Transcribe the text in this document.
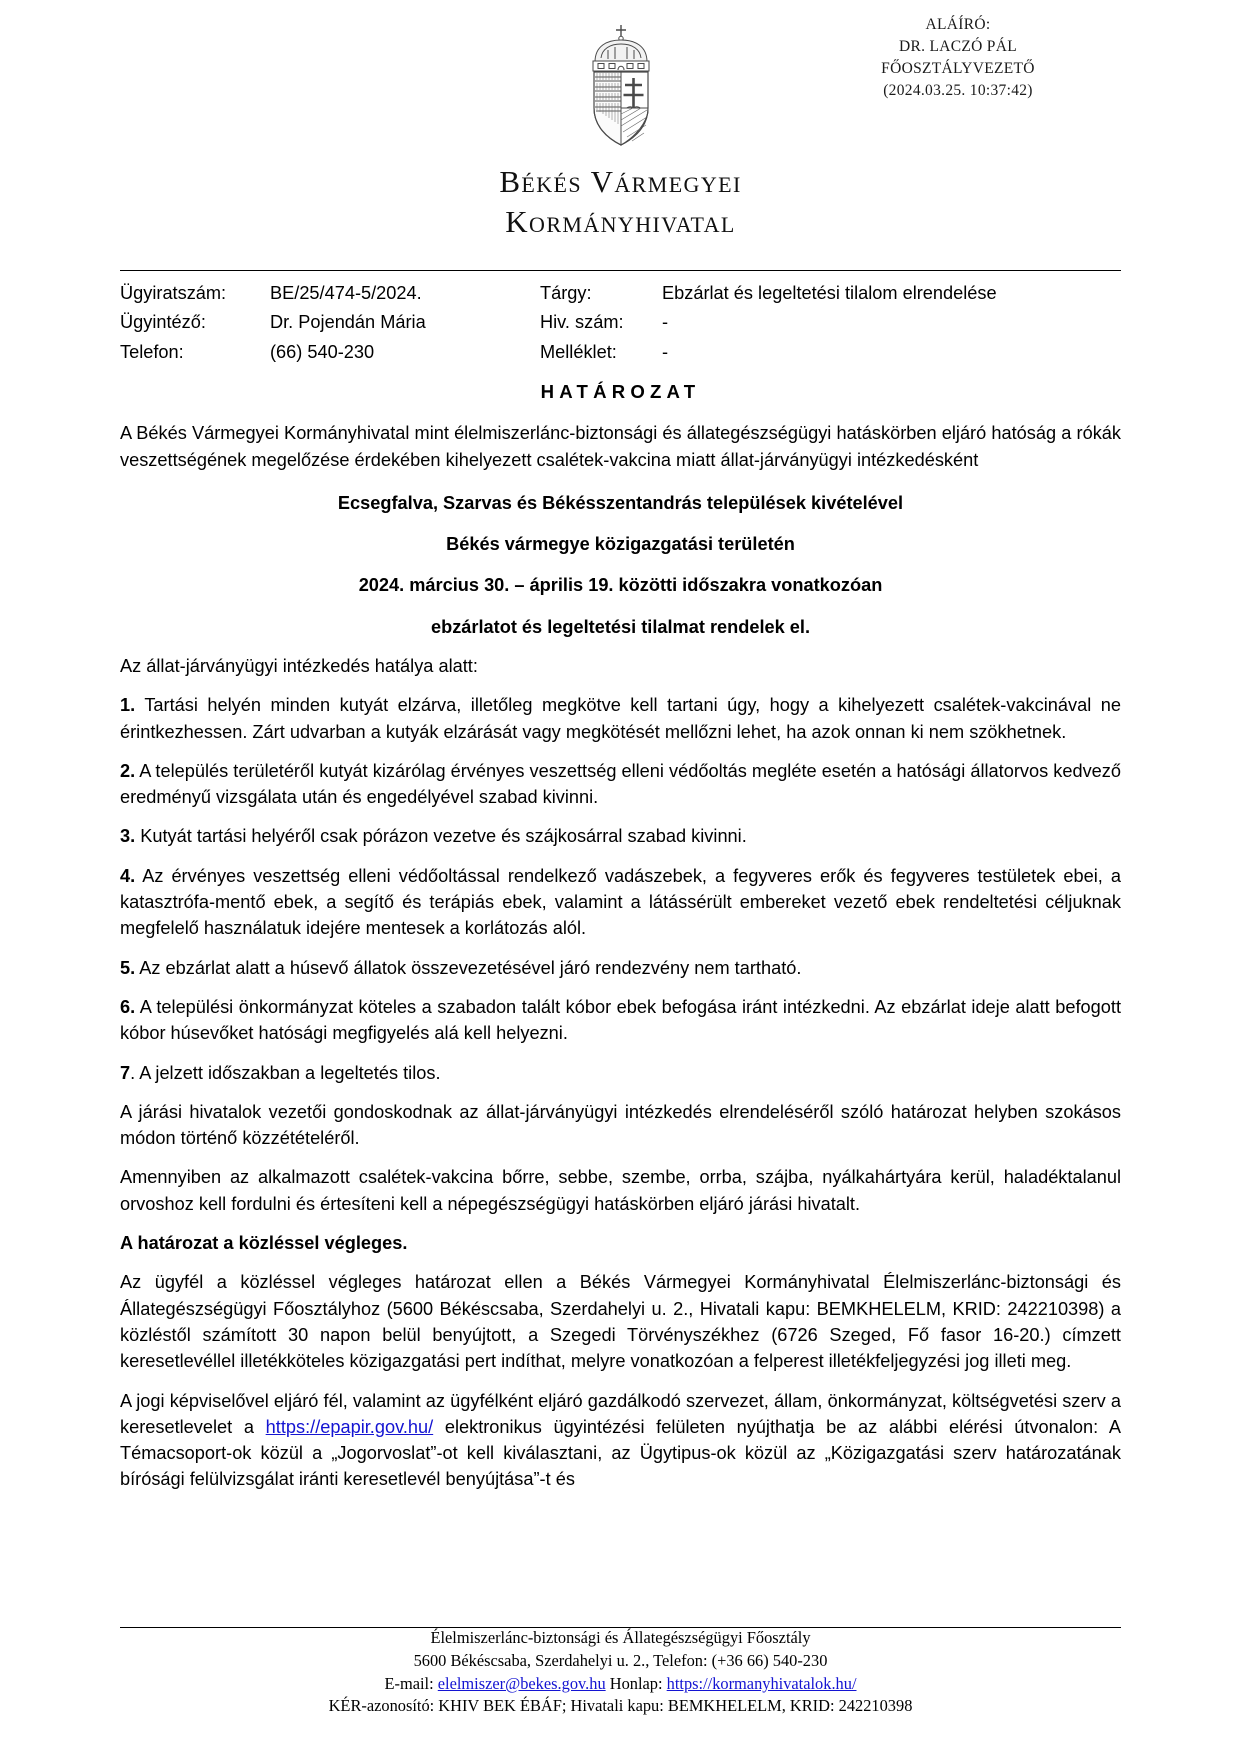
ALÁÍRÓ:
DR. LACZÓ PÁL
FŐOSZTÁLYVEZETŐ
(2024.03.25. 10:37:42)
Békés Vármegyei
Kormányhivatal
Ügyiratszám:	BE/25/474-5/2024.	Tárgy:	Ebzárlat és legeltetési tilalom elrendelése
Ügyintéző:	Dr. Pojendán Mária	Hiv. szám:	-
Telefon:	(66) 540-230	Melléklet:	-
HATÁROZAT

A Békés Vármegyei Kormányhivatal mint élelmiszerlánc-biztonsági és állategészségügyi hatáskörben eljáró hatóság a rókák veszettségének megelőzése érdekében kihelyezett csalétek-vakcina miatt állat-járványügyi intézkedésként

Ecsegfalva, Szarvas és Békésszentandrás települések kivételével
Békés vármegye közigazgatási területén
2024. március 30. – április 19. közötti időszakra vonatkozóan
ebzárlatot és legeltetési tilalmat rendelek el.

Az állat-járványügyi intézkedés hatálya alatt:

1. Tartási helyén minden kutyát elzárva, illetőleg megkötve kell tartani úgy, hogy a kihelyezett csalétek-vakcinával ne érintkezhessen. Zárt udvarban a kutyák elzárását vagy megkötését mellőzni lehet, ha azok onnan ki nem szökhetnek.

2. A település területéről kutyát kizárólag érvényes veszettség elleni védőoltás megléte esetén a hatósági állatorvos kedvező eredményű vizsgálata után és engedélyével szabad kivinni.

3. Kutyát tartási helyéről csak pórázon vezetve és szájkosárral szabad kivinni.

4. Az érvényes veszettség elleni védőoltással rendelkező vadászebek, a fegyveres erők és fegyveres testületek ebei, a katasztrófa-mentő ebek, a segítő és terápiás ebek, valamint a látássérült embereket vezető ebek rendeltetési céljuknak megfelelő használatuk idejére mentesek a korlátozás alól.

5. Az ebzárlat alatt a húsevő állatok összevezetésével járó rendezvény nem tartható.

6. A települési önkormányzat köteles a szabadon talált kóbor ebek befogása iránt intézkedni. Az ebzárlat ideje alatt befogott kóbor húsevőket hatósági megfigyelés alá kell helyezni.

7. A jelzett időszakban a legeltetés tilos.

A járási hivatalok vezetői gondoskodnak az állat-járványügyi intézkedés elrendeléséről szóló határozat helyben szokásos módon történő közzétételéről.

Amennyiben az alkalmazott csalétek-vakcina bőrre, sebbe, szembe, orrba, szájba, nyálkahártyára kerül, haladéktalanul orvoshoz kell fordulni és értesíteni kell a népegészségügyi hatáskörben eljáró járási hivatalt.

A határozat a közléssel végleges.

Az ügyfél a közléssel végleges határozat ellen a Békés Vármegyei Kormányhivatal Élelmiszerlánc-biztonsági és Állategészségügyi Főosztályhoz (5600 Békéscsaba, Szerdahelyi u. 2., Hivatali kapu: BEMKHELELM, KRID: 242210398) a közléstől számított 30 napon belül benyújtott, a Szegedi Törvényszékhez (6726 Szeged, Fő fasor 16-20.) címzett keresetlevéllel illetékköteles közigazgatási pert indíthat, melyre vonatkozóan a felperest illetékfeljegyzési jog illeti meg.

A jogi képviselővel eljáró fél, valamint az ügyfélként eljáró gazdálkodó szervezet, állam, önkormányzat, költségvetési szerv a keresetlevelet a https://epapir.gov.hu/ elektronikus ügyintézési felületen nyújthatja be az alábbi elérési útvonalon: A Témacsoport-ok közül a „Jogorvoslat”-ot kell kiválasztani, az Ügytipus-ok közül az „Közigazgatási szerv határozatának bírósági felülvizsgálat iránti keresetlevél benyújtása”-t és

Élelmiszerlánc-biztonsági és Állategészségügyi Főosztály
5600 Békéscsaba, Szerdahelyi u. 2., Telefon: (+36 66) 540-230
E-mail: elelmiszer@bekes.gov.hu Honlap: https://kormanyhivatalok.hu/
KÉR-azonosító: KHIV BEK ÉBÁF; Hivatali kapu: BEMKHELELM, KRID: 242210398
